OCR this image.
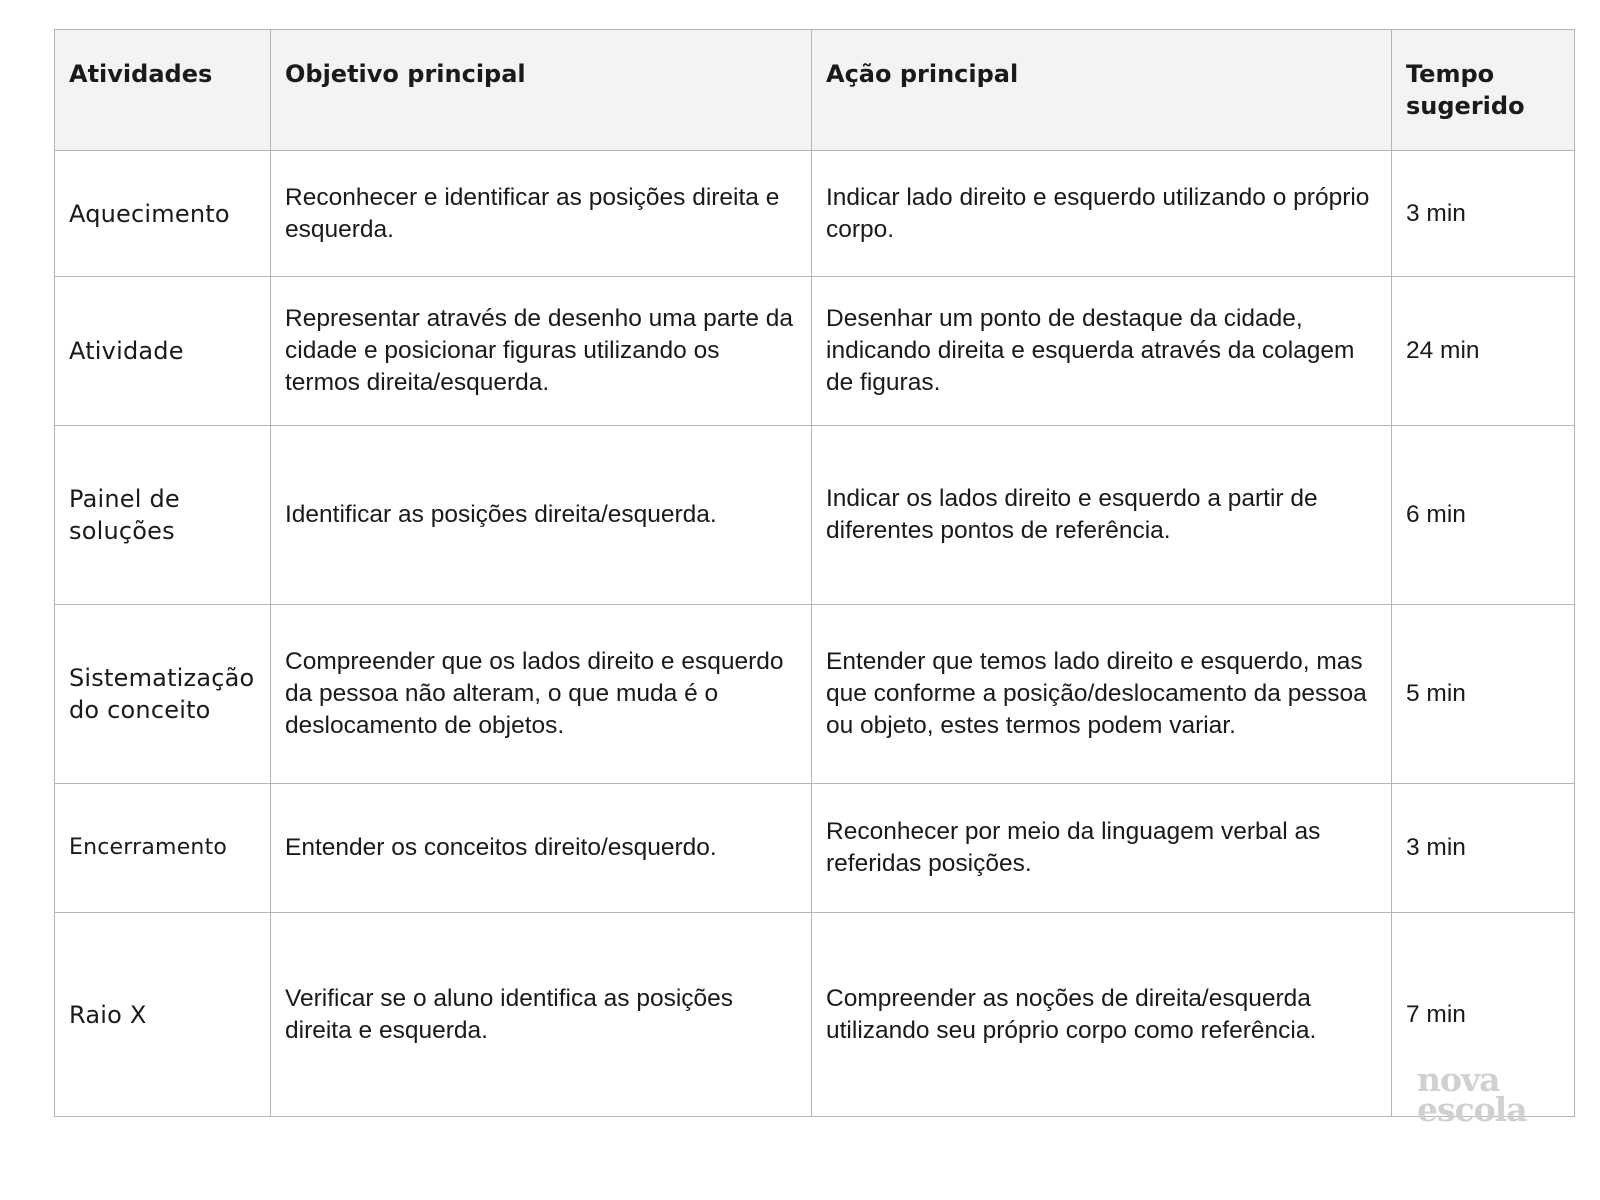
Atividades	Objetivo principal	Ação principal	Tempo sugerido
Aquecimento	Reconhecer e identificar as posições direita e esquerda.	Indicar lado direito e esquerdo utilizando o próprio corpo.	3 min
Atividade	Representar através de desenho uma parte da cidade e posicionar figuras utilizando os termos direita/esquerda.	Desenhar um ponto de destaque da cidade, indicando direita e esquerda através da colagem de figuras.	24 min
Painel de soluções	Identificar as posições direita/esquerda.	Indicar os lados direito e esquerdo a partir de diferentes pontos de referência.	6 min
Sistematização do conceito	Compreender que os lados direito e esquerdo da pessoa não alteram, o que muda é o deslocamento de objetos.	Entender que temos lado direito e esquerdo, mas que conforme a posição/deslocamento da pessoa ou objeto, estes termos podem variar.	5 min
Encerramento	Entender os conceitos direito/esquerdo.	Reconhecer por meio da linguagem verbal as referidas posições.	3 min
Raio X	Verificar se o aluno identifica as posições direita e esquerda.	Compreender as noções de direita/esquerda utilizando seu próprio corpo como referência.	7 min
nova
escola
